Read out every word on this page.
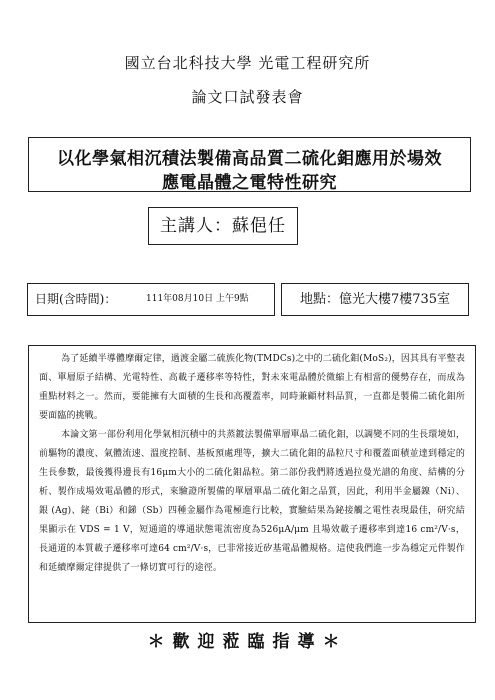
國立台北科技大學 光電工程研究所
論文口試發表會
以化學氣相沉積法製備高品質二硫化鉬應用於場效
應電晶體之電特性研究
主講人：蘇俋任
日期(含時間)：	111年08月10日 上午9點	地點：億光大樓7樓735室

為了延續半導體摩爾定律，過渡金屬二硫族化物(TMDCs)之中的二硫化鉬(MoS₂)，因其具有平整表面、單層原子結構、光電特性、高載子遷移率等特性，對未來電晶體於微縮上有相當的優勢存在，而成為重點材料之一。然而，要能擁有大面積的生長和高覆蓋率，同時兼顧材料品質，一直都是製備二硫化鉬所要面臨的挑戰。

本論文第一部份利用化學氣相沉積中的共蒸鍍法製備單層單晶二硫化鉬，以調變不同的生長環境如，前驅物的濃度、氣體流速、溫度控制、基板預處理等，擴大二硫化鉬的晶粒尺寸和覆蓋面積並達到穩定的生長參數，最後獲得邊長有16μm大小的二硫化鉬晶粒。第二部份我們將透過拉曼光譜的角度、結構的分析、製作成場效電晶體的形式，來驗證所製備的單層單晶二硫化鉬之品質，因此，利用半金屬鎳（Ni）、銀 (Ag)、鉍（Bi）和銻（Sb）四種金屬作為電極進行比較，實驗結果為鉍接觸之電性表現最佳，研究結果顯示在 VDS = 1 V，短通道的導通狀態電流密度為526μA/μm 且場效載子遷移率到達16 cm²/V·s，長通道的本質載子遷移率可達64 cm²/V·s，已非常接近矽基電晶體規格。這使我們進一步為穩定元件製作和延續摩爾定律提供了一條切實可行的途徑。

＊歡迎蒞臨指導＊
